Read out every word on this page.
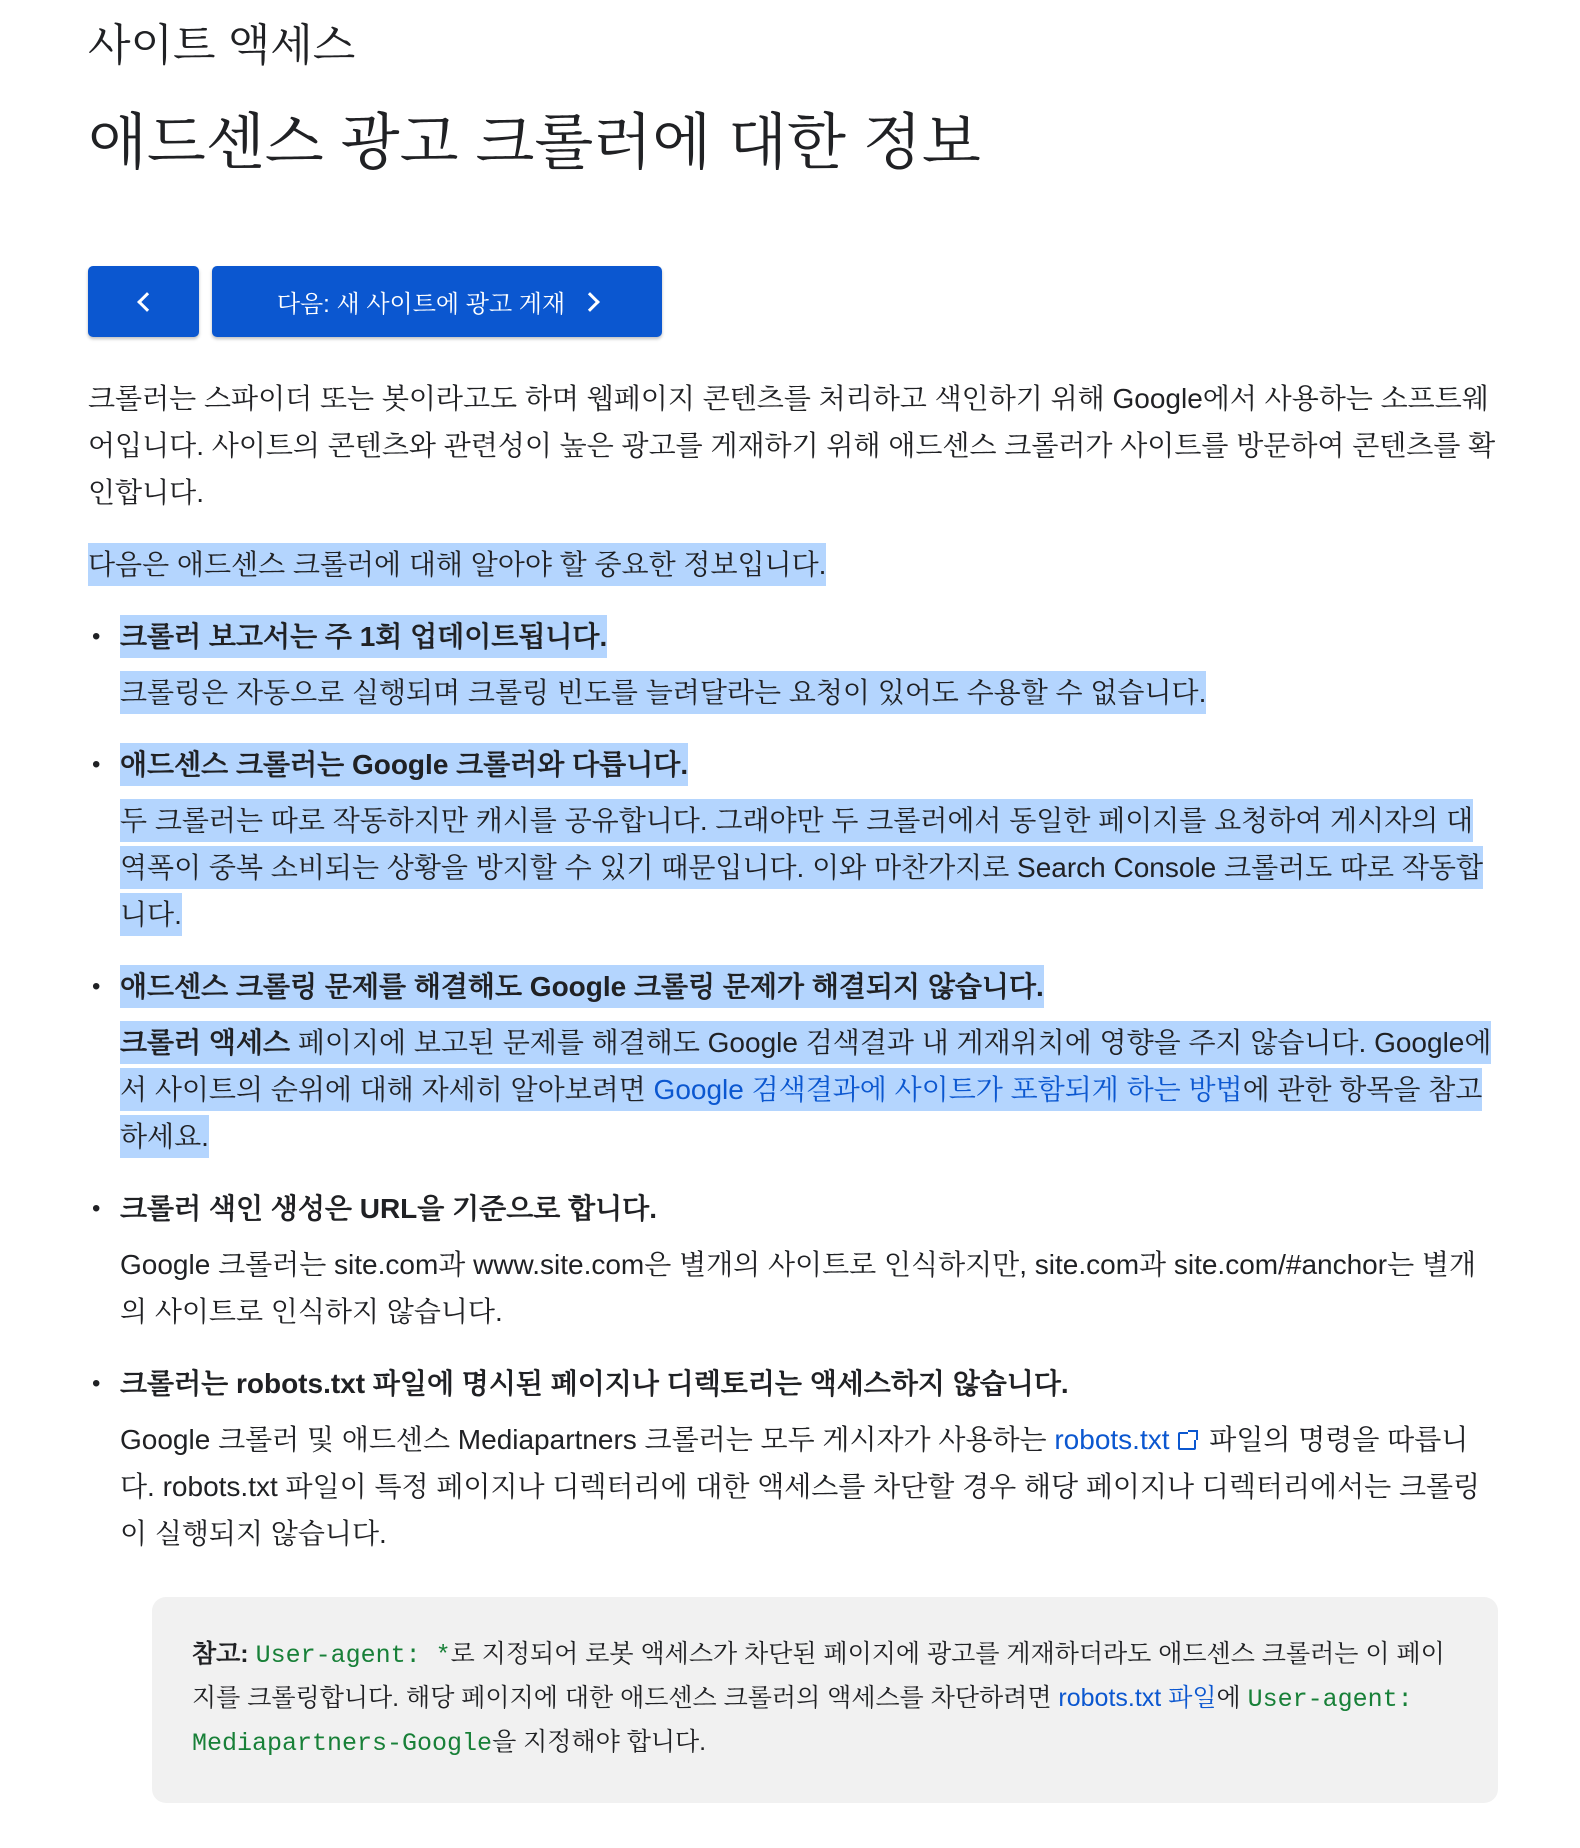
사이트 액세스
애드센스 광고 크롤러에 대한 정보
다음: 새 사이트에 광고 게재

크롤러는 스파이더 또는 봇이라고도 하며 웹페이지 콘텐츠를 처리하고 색인하기 위해 Google에서 사용하는 소프트웨어입니다. 사이트의 콘텐츠와 관련성이 높은 광고를 게재하기 위해 애드센스 크롤러가 사이트를 방문하여 콘텐츠를 확인합니다.

다음은 애드센스 크롤러에 대해 알아야 할 중요한 정보입니다.

• 크롤러 보고서는 주 1회 업데이트됩니다.

크롤링은 자동으로 실행되며 크롤링 빈도를 늘려달라는 요청이 있어도 수용할 수 없습니다.

• 애드센스 크롤러는 Google 크롤러와 다릅니다.

두 크롤러는 따로 작동하지만 캐시를 공유합니다. 그래야만 두 크롤러에서 동일한 페이지를 요청하여 게시자의 대역폭이 중복 소비되는 상황을 방지할 수 있기 때문입니다. 이와 마찬가지로 Search Console 크롤러도 따로 작동합니다.

• 애드센스 크롤링 문제를 해결해도 Google 크롤링 문제가 해결되지 않습니다.

크롤러 액세스 페이지에 보고된 문제를 해결해도 Google 검색결과 내 게재위치에 영향을 주지 않습니다. Google에서 사이트의 순위에 대해 자세히 알아보려면 Google 검색결과에 사이트가 포함되게 하는 방법에 관한 항목을 참고하세요.

• 크롤러 색인 생성은 URL을 기준으로 합니다.

Google 크롤러는 site.com과 www.site.com은 별개의 사이트로 인식하지만, site.com과 site.com/#anchor는 별개의 사이트로 인식하지 않습니다.

• 크롤러는 robots.txt 파일에 명시된 페이지나 디렉토리는 액세스하지 않습니다.

Google 크롤러 및 애드센스 Mediapartners 크롤러는 모두 게시자가 사용하는 robots.txt 파일의 명령을 따릅니다. robots.txt 파일이 특정 페이지나 디렉터리에 대한 액세스를 차단할 경우 해당 페이지나 디렉터리에서는 크롤링이 실행되지 않습니다.

참고: User-agent: *로 지정되어 로봇 액세스가 차단된 페이지에 광고를 게재하더라도 애드센스 크롤러는 이 페이지를 크롤링합니다. 해당 페이지에 대한 애드센스 크롤러의 액세스를 차단하려면 robots.txt 파일에 User-agent: Mediapartners-Google을 지정해야 합니다.
